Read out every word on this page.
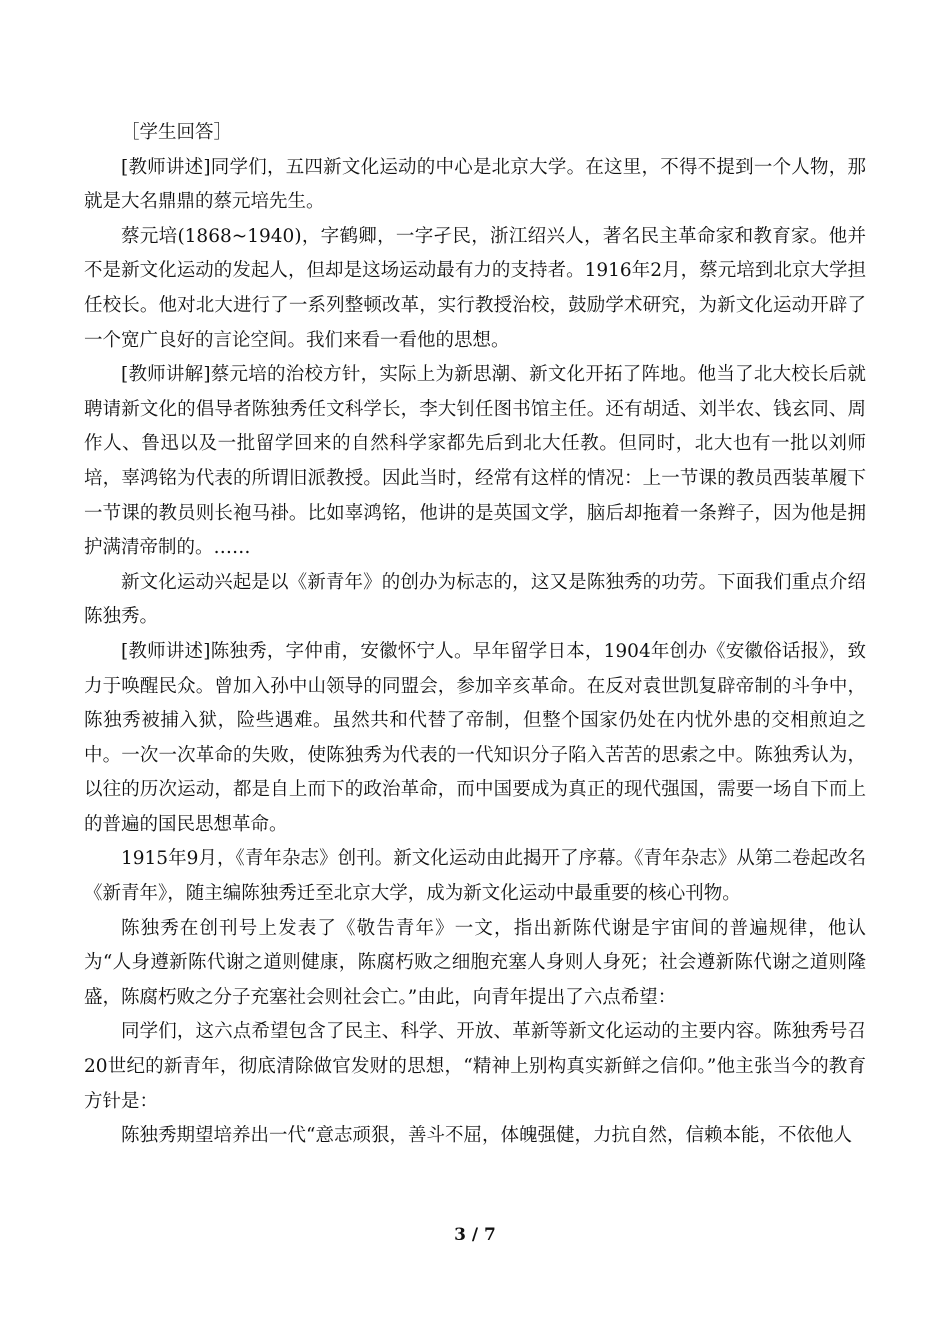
［学生回答］

[教师讲述]同学们，五四新文化运动的中心是北京大学。在这里，不得不提到一个人物，那就是大名鼎鼎的蔡元培先生。

蔡元培(1868~1940)，字鹤卿，一字孑民，浙江绍兴人，著名民主革命家和教育家。他并不是新文化运动的发起人，但却是这场运动最有力的支持者。1916年2月，蔡元培到北京大学担任校长。他对北大进行了一系列整顿改革，实行教授治校，鼓励学术研究，为新文化运动开辟了一个宽广良好的言论空间。我们来看一看他的思想。

[教师讲解]蔡元培的治校方针，实际上为新思潮、新文化开拓了阵地。他当了北大校长后就聘请新文化的倡导者陈独秀任文科学长，李大钊任图书馆主任。还有胡适、刘半农、钱玄同、周作人、鲁迅以及一批留学回来的自然科学家都先后到北大任教。但同时，北大也有一批以刘师培，辜鸿铭为代表的所谓旧派教授。因此当时，经常有这样的情况：上一节课的教员西装革履下一节课的教员则长袍马褂。比如辜鸿铭，他讲的是英国文学，脑后却拖着一条辫子，因为他是拥护满清帝制的。……

新文化运动兴起是以《新青年》的创办为标志的，这又是陈独秀的功劳。下面我们重点介绍陈独秀。

[教师讲述]陈独秀，字仲甫，安徽怀宁人。早年留学日本，1904年创办《安徽俗话报》，致力于唤醒民众。曾加入孙中山领导的同盟会，参加辛亥革命。在反对袁世凯复辟帝制的斗争中，陈独秀被捕入狱，险些遇难。虽然共和代替了帝制，但整个国家仍处在内忧外患的交相煎迫之中。一次一次革命的失败，使陈独秀为代表的一代知识分子陷入苦苦的思索之中。陈独秀认为，以往的历次运动，都是自上而下的政治革命，而中国要成为真正的现代强国，需要一场自下而上的普遍的国民思想革命。

1915年9月，《青年杂志》创刊。新文化运动由此揭开了序幕。《青年杂志》从第二卷起改名《新青年》，随主编陈独秀迁至北京大学，成为新文化运动中最重要的核心刊物。

陈独秀在创刊号上发表了《敬告青年》一文，指出新陈代谢是宇宙间的普遍规律，他认为“人身遵新陈代谢之道则健康，陈腐朽败之细胞充塞人身则人身死；社会遵新陈代谢之道则隆盛，陈腐朽败之分子充塞社会则社会亡。”由此，向青年提出了六点希望：

同学们，这六点希望包含了民主、科学、开放、革新等新文化运动的主要内容。陈独秀号召20世纪的新青年，彻底清除做官发财的思想，“精神上别构真实新鲜之信仰。”他主张当今的教育方针是：

陈独秀期望培养出一代“意志顽狠，善斗不屈，体魄强健，力抗自然，信赖本能，不依他人

3 / 7
